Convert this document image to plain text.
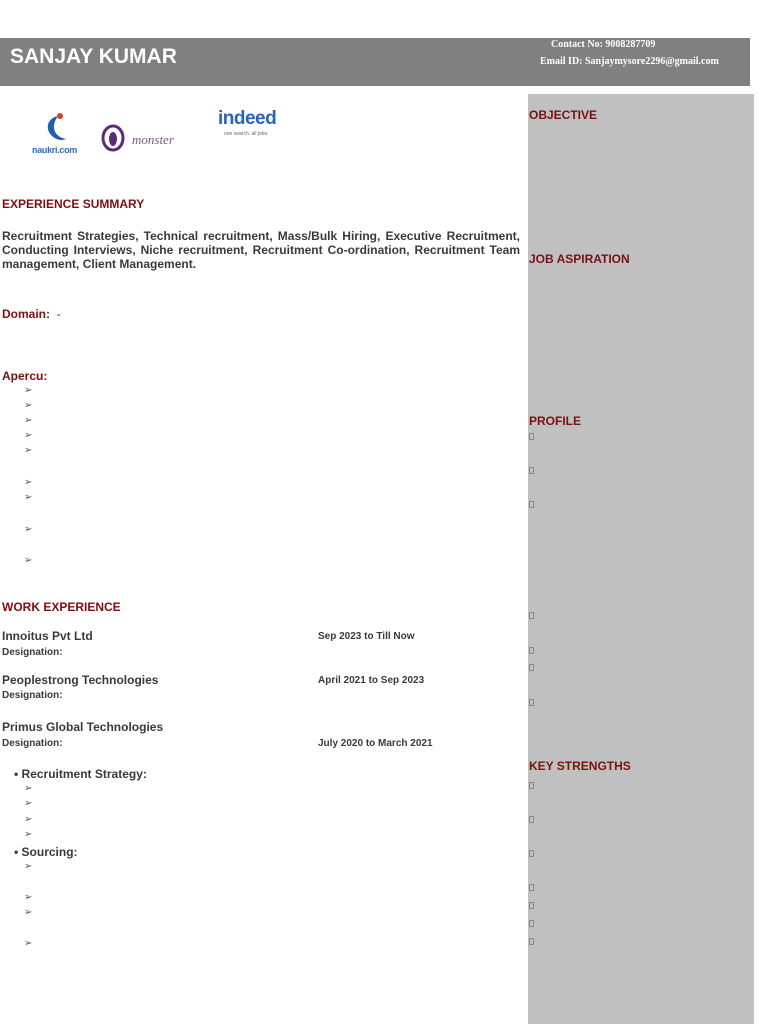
SANJAY KUMAR
Contact No: 9008287709
Email ID: Sanjaymysore2296@gmail.com
naukri.com
monster
indeed
one search. all jobs.
EXPERIENCE SUMMARY
Recruitment Strategies, Technical recruitment, Mass/Bulk Hiring, Executive Recruitment, Conducting Interviews, Niche recruitment, Recruitment Co-ordination, Recruitment Team management, Client Management.
Domain: -
Apercu:
➢
➢
➢
➢
➢
➢
➢
➢
➢
WORK EXPERIENCE
Innoitus Pvt Ltd
Designation:
Sep 2023 to Till Now
Peoplestrong Technologies
Designation:
April 2021 to Sep 2023
Primus Global Technologies
Designation:	July 2020 to March 2021
• Recruitment Strategy:
➢
➢
➢
➢
• Sourcing:
➢
➢
➢
➢
OBJECTIVE
JOB ASPIRATION
PROFILE
KEY STRENGTHS
